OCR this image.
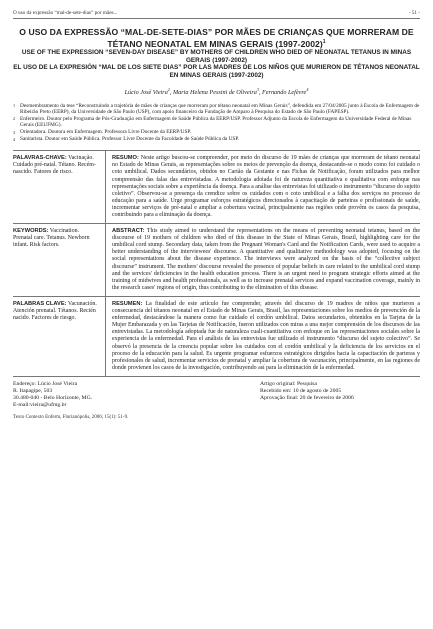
O uso da expressão “mal-de-sete-dias” por mães...	- 51 -
O USO DA EXPRESSÃO “MAL-DE-SETE-DIAS” POR MÃES DE CRIANÇAS QUE MORRERAM DE TÉTANO NEONATAL EM MINAS GERAIS (1997-2002)$^1$
USE OF THE EXPRESSION “SEVEN-DAY DISEASE” BY MOTHERS OF CHILDREN WHO DIED OF NEONATAL TETANUS IN MINAS GERAIS (1997-2002)
EL USO DE LA EXPRESIÓN “MAL DE LOS SIETE DIAS” POR LAS MADRES DE LOS NIÑOS QUE MURIERON DE TÉTANOS NEONATAL EN MINAS GERAIS (1997-2002)
Lúcio José Vieira$^2$, Maria Helena Pessini de Oliveira$^3$, Fernando Lefèvre$^4$
1 Desmembramento da tese “Reconstruindo a trajetória de mães de crianças que morreram por tétano neonatal em Minas Gerais”, defendida em 27/04/2005 junto à Escola de Enfermagem de Ribeirão Preto (EERP), da Universidade de São Paulo (USP), com apoio financeiro da Fundação de Amparo à Pesquisa do Estado de São Paulo (FAPESP).
2 Enfermeiro. Doutor pelo Programa de Pós-Graduação em Enfermagem de Saúde Pública da EERP/USP. Professor Adjunto da Escola de Enfermagem da Universidade Federal de Minas Gerais (EEUFMG).
3 Orientadora. Doutora em Enfermagem. Professora Livre Docente da EERP/USP.
4 Sanitarista. Doutor em Saúde Pública. Professor Livre Docente da Faculdade de Saúde Pública da USP.
PALAVRAS-CHAVE: Vacinação. Cuidado pré-natal. Tétano. Recém-nascido. Fatores de risco.
RESUMO: Neste artigo buscou-se compreender, por meio do discurso de 19 mães de crianças que morreram de tétano neonatal no Estado de Minas Gerais, as representações sobre os meios de prevenção da doença, destacando-se o modo como foi cuidado o coto umbilical. Dados secundários, obtidos no Cartão da Gestante e nas Fichas de Notificação, foram utilizados para melhor compreensão das falas das entrevistadas. A metodologia adotada foi de natureza quantitativa e qualitativa com enfoque nas representações sociais sobre a experiência da doença. Para a análise das entrevistas foi utilizado o instrumento “discurso do sujeito coletivo”. Observou-se a presença da crendice sobre os cuidados com o coto umbilical e a falha dos serviços no processo de educação para a saúde. Urge programar esforços estratégicos direcionados à capacitação de parteiras e profissionais de saúde, incrementar serviços de pré-natal e ampliar a cobertura vacinal, principalmente nas regiões onde provêm os casos da pesquisa, contribuindo para a eliminação da doença.
KEYWORDS: Vaccination. Prenatal care. Tetanus. Newborn infant. Risk factors.
ABSTRACT: This study aimed to understand the representations on the means of preventing neonatal tetanus, based on the discourse of 19 mothers of children who died of this disease in the State of Minas Gerais, Brazil, highlighting care for the umbilical cord stump. Secondary data, taken from the Pregnant Woman's Card and the Notification Cards, were used to acquire a better understanding of the interviewees' discourse. A quantitative and qualitative methodology was adopted, focusing on the social representations about the disease experience. The interviews were analyzed on the basis of the “collective subject discourse” instrument. The mothers' discourse revealed the presence of popular beliefs in care related to the umbilical cord stump and the services' deficiencies in the health education process. There is an urgent need to program strategic efforts aimed at the training of midwives and health professionals, as well as to increase prenatal services and expand vaccination coverage, mainly in the research cases' regions of origin, thus contributing to the elimination of this disease.
PALABRAS CLAVE: Vacunación. Atención prenatal. Tétanos. Recién nacido. Factores de riesgo.
RESUMEN: La finalidad de este artículo fue comprender, através del discurso de 19 madres de niños que murieron a consecuencia del tétanos neonatal en el Estado de Minas Gerais, Brasil, las representaciones sobre los medios de prevención de la enfermedad, destacándose la manera como fue cuidado el cordón umbilical. Datos secundarios, obtenidos en la Tarjeta de la Mujer Embarazada y en las Tarjetas de Notificación, fueron utilizados con miras a una mejor comprensión de los discursos de las entrevistadas. La metodología adoptada fue de naturaleza cuali-cuantitativa con enfoque en las representaciones sociales sobre la experiencia de la enfermedad. Para el análisis de las entrevistas fue utilizado el instrumento “discurso del sujeto colectivo”. Se observó la presencia de la creencia popular sobre los cuidados con el cordón umbilical y la deficiencia de los servicios en el proceso de la educación para la salud. Es urgente programar esfuerzos estratégicos dirigidos hacia la capacitación de parteras y profesionales de salud, incrementar servicios de prenatal y ampliar la cobertura de vacunación, principalmente, en las regiones de donde provienen los casos de la investigación, contribuyendo así para la eliminación de la enfermedad.
Endereço: Lúcio José Vieira
R. Itapagipe, 503
30.480-040 - Belo Horizonte, MG.
E-mail:vieira@ufmg.br
Artigo original: Pesquisa
Recebido em: 10 de agosto de 2005
Aprovação final: 20 de fevereiro de 2006
Texto Contexto Enferm, Florianópolis, 2006; 15(1): 51-9.
